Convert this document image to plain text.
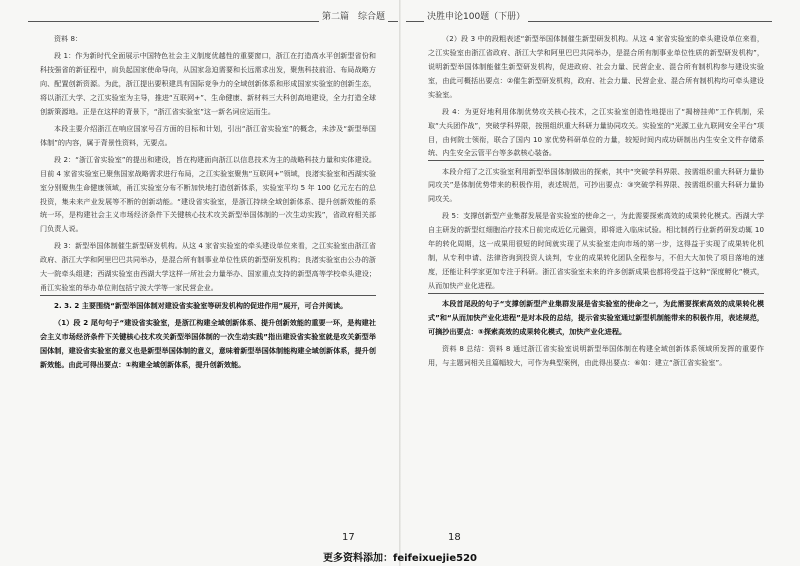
第二篇　综合题	决胜申论100题（下册）

资料 8：

段 1：作为新时代全面展示中国特色社会主义制度优越性的重要窗口，浙江在打造高水平创新型省份和科技强省的新征程中，肩负起国家使命导向，从国家急迫需要和长远需求出发，聚焦科技前沿、布局战略方向、配置创新资源。为此，浙江提出要积建具有国际竞争力的全域创新体系和形成国家实验室的创新生态，将以浙江大学、之江实验室为主导，推进“互联网+”、生命健康、新材料三大科创高地建设，全力打造全球创新策源地。正是在这样的背景下，“浙江省实验室”这一新名词应运而生。

本段主要介绍浙江在响应国家号召方面的目标和计划，引出“浙江省实验室”的概念，未涉及“新型举国体制”的内容，属于背景性资料，无要点。

段 2：“浙江省实验室”的提出和建设，旨在构建面向浙江以信息技术为主的战略科技力量和实体建设。目前 4 家省实验室已聚焦国家战略需求进行布局，之江实验室聚焦“互联网+”领域，良渚实验室和西湖实验室分别聚焦生命健康领域，甬江实验室分布不断加快地打造创新体系，实验室平均 5 年 100 亿元左右的总投资，集未来产业发展等不断的创新动能。“建设省实验室，是浙江持续全域创新体系、提升创新效能的系统一环，是构建社会主义市场经济条件下关键核心技术攻关新型举国体制的一次生动实践”，省政府相关部门负责人说。

段 3：新型举国体制催生新型研发机构。从这 4 家省实验室的牵头建设单位来看，之江实验室由浙江省政府、浙江大学和阿里巴巴共同举办，是混合所有制事业单位性质的新型研发机构；良渚实验室由公办的浙大一院牵头组建；西湖实验室由西湖大学这样一所社会力量举办、国家重点支持的新型高等学校牵头建设；甬江实验室的举办单位则包括宁波大学等一家民营企业。

2. 3. 2 主要围绕“新型举国体制对建设省实验室等研发机构的促进作用”展开，可合并阅读。

（1）段 2 尾句句子“建设省实验室，是浙江构建全域创新体系、提升创新效能的重要一环，是构建社会主义市场经济条件下关键核心技术攻关新型举国体制的一次生动实践”指出建设省实验室就是攻关新型举国体制，建设省实验室的意义也是新型举国体制的意义，意味着新型举国体制能构建全域创新体系，提升创新效能。由此可得出要点：①构建全域创新体系，提升创新效能。

（2）段 3 中的段粗表述“新型举国体制催生新型研发机构。从这 4 家省实验室的牵头建设单位来看，之江实验室由浙江省政府、浙江大学和阿里巴巴共同举办，是混合所有制事业单位性质的新型研发机构”，说明新型举国体制能催生新型研发机构，促进政府、社会力量、民营企业、混合所有制机构参与建设实验室，由此可概括出要点：②催生新型研发机构，政府、社会力量、民营企业、混合所有制机构均可牵头建设实验室。

段 4：为更好地利用体制优势攻关核心技术，之江实验室创造性地提出了“揭榜挂帅”工作机制，采取“大兵团作战”，突破学科界限，按照组织重大科研力量协同攻关。实验室的“光源工业九联网安全平台”项目，由何院士领衔，联合了国内 10 家优势科研单位的力量，较短时间内成功研制出内生安全文件存储系统、内生安全云管平台等多款核心装备。

本段介绍了之江实验室利用新型举国体制做出的探索，其中“突破学科界限、按需组织重大科研力量协同攻关”是体制优势带来的积极作用，表述规范，可抄出要点：③突破学科界限、按需组织重大科研力量协同攻关。

段 5：支撑创新型产业集群发展是省实验室的使命之一，为此需要探索高效的成果转化模式。西湖大学自主研发的新型红细胞治疗技术日前完成近亿元融资，即将进入临床试验。相比制药行业新药研发动辄 10 年的转化周期，这一成果用很短的时间就实现了从实验室走向市场的第一步，这得益于实现了成果转化机制，从专利申请、法律咨询到投资人谈判，专业的成果转化团队全程参与，不但大大加快了项目落地的速度，还能让科学家更加专注于科研。浙江省实验室未来的许多创新成果也都将受益于这种“深度孵化”模式，从而加快产业化进程。

本段首尾段的句子“支撑创新型产业集群发展是省实验室的使命之一，为此需要探索高效的成果转化模式”和“从而加快产业化进程”是对本段的总结，提示省实验室通过新型机制能带来的积极作用，表述规范，可摘抄出要点：⑤探索高效的成果转化模式，加快产业化进程。

资料 8 总结：资料 8 通过浙江省实验室说明新型举国体制在构建全域创新体系领域所发挥的重要作用，与主题词相关且篇幅较大，可作为典型案例，由此得出要点：⑥如：建立“浙江省实验室”。

17	18
更多资料添加：feifeixuejie520
